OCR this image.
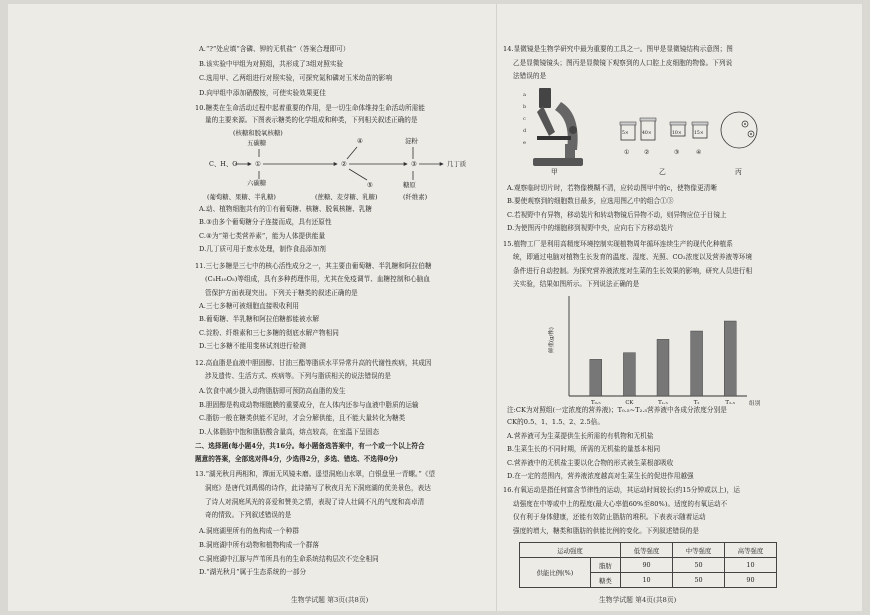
A.“?”处应填“含磷、钾的无机盐”（答案合理即可）
B.该实验中甲组为对照组，共形成了3组对照实验
C.选用甲、乙两组进行对照实验，可探究氮和磷对玉米幼苗的影响
D.向甲组中添加硝酸铵，可使实验效果更佳
10.糖类在生命活动过程中起着重要的作用，是一切生命体维持生命活动所需能
量的主要来源。下图表示糖类的化学组成和种类，下列相关叙述正确的是
(核糖和脱氧核糖)
五碳糖
C、H、O	①	②	③	几丁质
六碳糖
淀粉
糖原
④
⑤
(葡萄糖、果糖、半乳糖)	(蔗糖、麦芽糖、乳糖)	(纤维素)
A.动、植物细胞共有的①有葡萄糖、核糖、脱氧核糖、乳糖
B.③由多个葡萄糖分子连接而成，具有还原性
C.④为“第七类营养素”，能为人体提供能量
D.几丁质可用于废水处理，制作食品添加剂
11.三七多糖是三七中的核心活性成分之一，其主要由葡萄糖、半乳糖和阿拉伯糖
(C₅H₁₀O₅)等组成，具有多种药理作用，尤其在免疫调节、血糖控制和心脑血
管保护方面表现突出。下列关于糖类的叙述正确的是
A.三七多糖可被细胞直接吸收利用
B.葡萄糖、半乳糖和阿拉伯糖都能被水解
C.淀粉、纤维素和三七多糖的彻底水解产物相同
D.三七多糖不能用斐林试剂进行检测
12.高血脂是血液中胆固醇、甘油三酯等脂质水平异常升高的代谢性疾病，其成因
涉及遗传、生活方式、疾病等。下列与脂质相关的说法错误的是
A.饮食中减少摄入动物脂肪即可预防高血脂的发生
B.胆固醇是构成动物细胞膜的重要成分，在人体内还参与血液中脂质的运输
C.脂肪一般在糖类供能不足时，才会分解供能，且不能大量转化为糖类
D.人体脂肪中饱和脂肪酸含量高，熔点较高，在室温下呈固态
二、选择题(每小题4分，共16分。每小题备选答案中，有一个或一个以上符合
题意的答案，全部选对得4分，少选得2分，多选、错选、不选得0分)
13.“湖光秋月两相和，潭面无风镜未磨。遥望洞庭山水翠，白银盘里一青螺。”《望
洞庭》是唐代刘禹锡的诗作，此诗描写了秋夜月光下洞庭湖的优美景色，表达
了诗人对洞庭风光的喜爱和赞美之情，表现了诗人壮阔不凡的气度和高卓清
奇的情致。下列叙述错误的是
A.洞庭湖里所有的鱼构成一个种群
B.洞庭湖中所有动物和植物构成一个群落
C.洞庭湖中江豚与芦苇所具有的生命系统结构层次不完全相同
D.“湖光秋月”属于生态系统的一部分
生物学试题 第3页(共8页)
14.显微镜是生物学研究中最为重要的工具之一。图甲是显微镜结构示意图；图
乙是显微镜镜头；图丙是显微镜下观察到的人口腔上皮细胞的物像。下列说
法错误的是
a
b
c
d
e
甲
5×
①
40×
②
10×
③
15×
④
乙	丙
A.观察临时切片时，若物像模糊不清，应转动图甲中的c，使物像更清晰
B.要使观察到的细胞数目最多，应选用图乙中的组合①③
C.若视野中有异物，移动装片和转动物镜后异物不动，则异物应位于目镜上
D.为使图丙中的细胞移到视野中央，应向右下方移动装片
15.植物工厂是利用高精度环境控制实现植物周年循环连续生产的现代化种植系
统，即通过电脑对植物生长发育的温度、湿度、光照、CO₂浓度以及营养液等环境
条件进行自动控制。为探究营养液浓度对生菜的生长效果的影响，研究人员进行相
关实验，结果如图所示。下列说法正确的是
鲜重(g/株)
T₀.₅	CK	T₁.₅	T₂	T₂.₅ 组别
注:CK为对照组(一定浓度的营养液)；T₀.₅~T₂.₅营养液中各成分浓度分别是
CK的0.5、1、1.5、2、2.5倍。
A.营养液可为生菜提供生长所需的有机物和无机盐
B.生菜生长的不同时期，所需的无机盐的量基本相同
C.营养液中的无机盐主要以化合物的形式被生菜根部吸收
D.在一定的范围内，营养液浓度越高对生菜生长的促进作用越强
16.有氧运动是指任何富含节律性的运动，其运动时间较长(约15分钟或以上)，运
动强度在中等或中上的程度(最大心率值60%至80%)。适度的有氧运动不
仅有利于身体健康，还能有效防止脂肪的堆积。下表表示随着运动
强度的增大，糖类和脂肪的供能比例的变化。下列叙述错误的是
运动强度		低等强度	中等强度	高等强度
供能比例(%)	脂肪	90	50	10
	糖类	10	50	90
生物学试题 第4页(共8页)
